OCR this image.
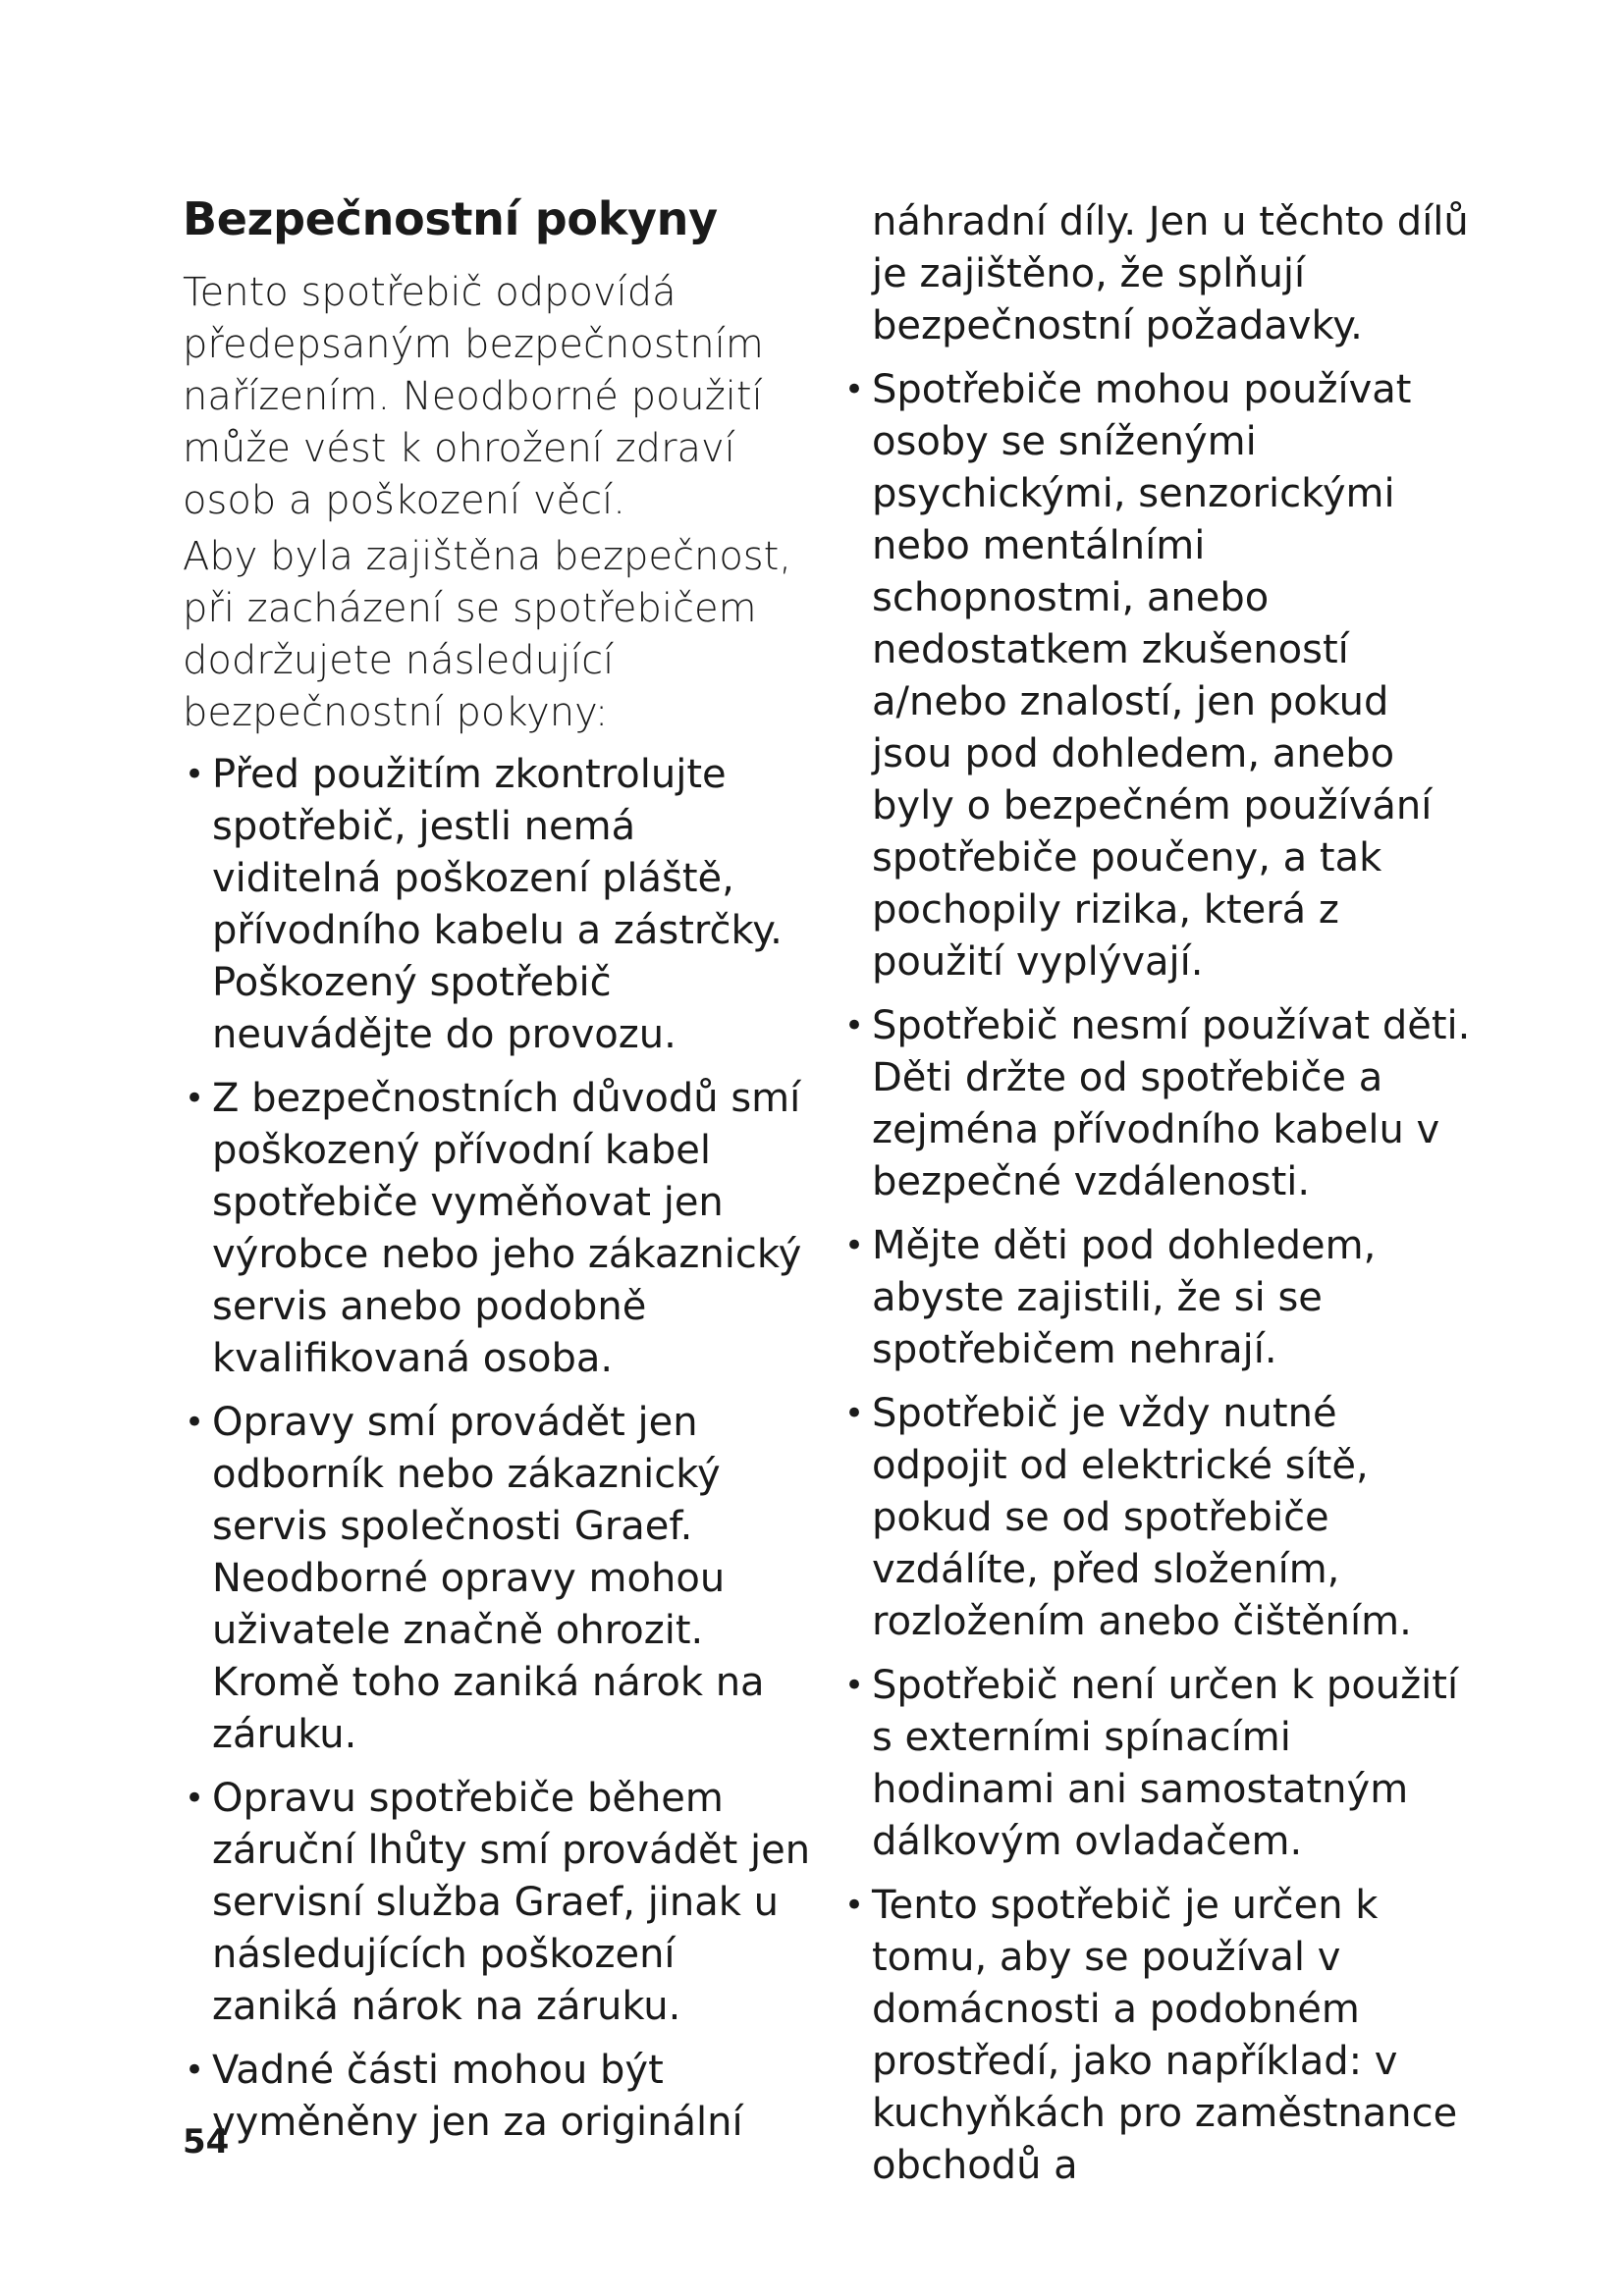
Bezpečnostní pokyny

Tento spotřebič odpovídá předepsaným bezpečnostním nařízením. Neodborné použití může vést k ohrožení zdraví osob a poškození věcí.

Aby byla zajištěna bezpečnost, při zacházení se spotřebičem dodržujete následující bezpečnostní pokyny:

• Před použitím zkontrolujte spotřebič, jestli nemá viditelná poškození pláště, přívodního kabelu a zástrčky. Poškozený spotřebič neuvádějte do provozu.
• Z bezpečnostních důvodů smí poškozený přívodní kabel spotřebiče vyměňovat jen výrobce nebo jeho zákaznický servis anebo podobně kvalifikovaná osoba.
• Opravy smí provádět jen odborník nebo zákaznický servis společnosti Graef. Neodborné opravy mohou uživatele značně ohrozit. Kromě toho zaniká nárok na záruku.
• Opravu spotřebiče během záruční lhůty smí provádět jen servisní služba Graef, jinak u následujících poškození zaniká nárok na záruku.
• Vadné části mohou být vyměněny jen za originální

náhradní díly. Jen u těchto dílů je zajištěno, že splňují bezpečnostní požadavky.

• Spotřebiče mohou používat osoby se sníženými psychickými, senzorickými nebo mentálními schopnostmi, anebo nedostatkem zkušeností a/nebo znalostí, jen pokud jsou pod dohledem, anebo byly o bezpečném používání spotřebiče poučeny, a tak pochopily rizika, která z použití vyplývají.
• Spotřebič nesmí používat děti. Děti držte od spotřebiče a zejména přívodního kabelu v bezpečné vzdálenosti.
• Mějte děti pod dohledem, abyste zajistili, že si se spotřebičem nehrají.
• Spotřebič je vždy nutné odpojit od elektrické sítě, pokud se od spotřebiče vzdálíte, před složením, rozložením anebo čištěním.
• Spotřebič není určen k použití s externími spínacími hodinami ani samostatným dálkovým ovladačem.
• Tento spotřebič je určen k tomu, aby se používal v domácnosti a podobném prostředí, jako například: v kuchyňkách pro zaměstnance obchodů a
54
